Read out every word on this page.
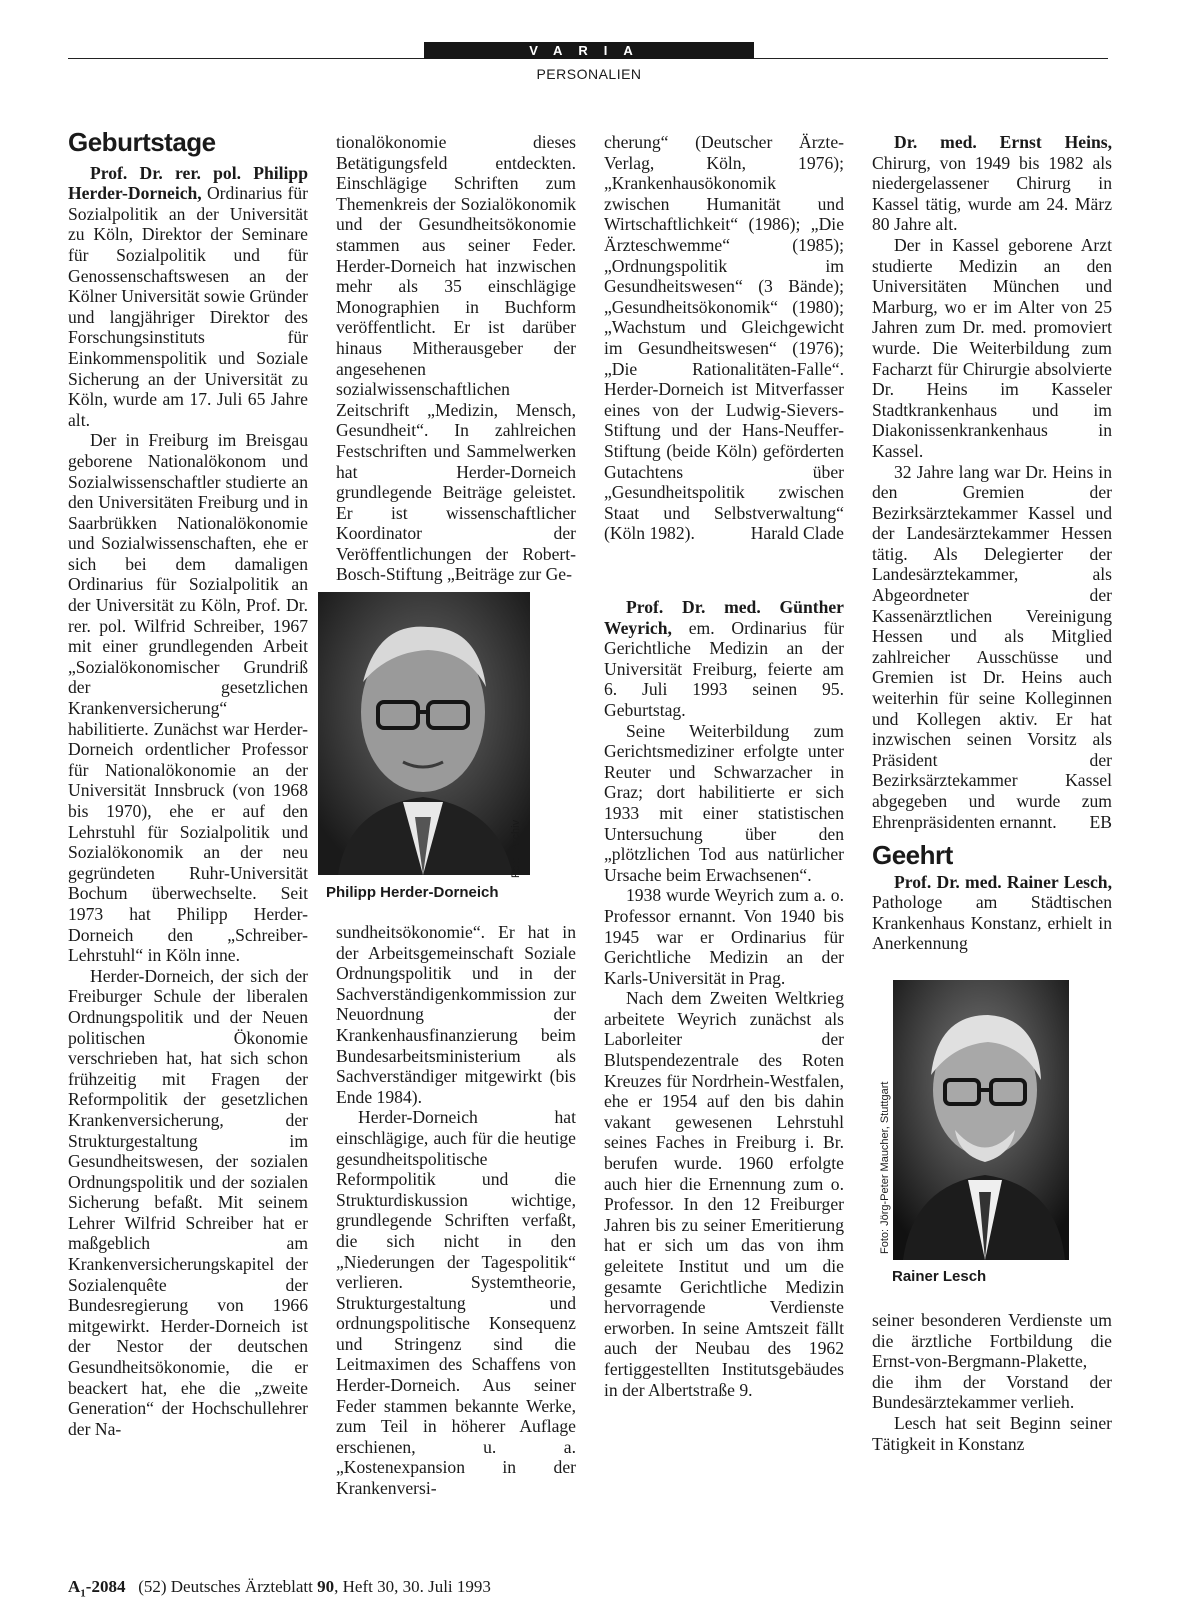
VARIA
PERSONALIEN
Geburtstage

Prof. Dr. rer. pol. Philipp Herder-Dorneich, Ordinarius für Sozialpolitik an der Universität zu Köln, Direktor der Seminare für Sozialpolitik und für Genossenschaftswesen an der Kölner Universität sowie Gründer und langjähriger Direktor des Forschungsinstituts für Einkommenspolitik und Soziale Sicherung an der Universität zu Köln, wurde am 17. Juli 65 Jahre alt.

Der in Freiburg im Breisgau geborene Nationalökonom und Sozialwissenschaftler studierte an den Universitäten Freiburg und in Saarbrükken Nationalökonomie und Sozialwissenschaften, ehe er sich bei dem damaligen Ordinarius für Sozialpolitik an der Universität zu Köln, Prof. Dr. rer. pol. Wilfrid Schreiber, 1967 mit einer grundlegenden Arbeit „Sozialökonomischer Grundriß der gesetzlichen Krankenversicherung“ habilitierte. Zunächst war Herder-Dorneich ordentlicher Professor für Nationalökonomie an der Universität Innsbruck (von 1968 bis 1970), ehe er auf den Lehrstuhl für Sozialpolitik und Sozialökonomik an der neu gegründeten Ruhr-Universität Bochum überwechselte. Seit 1973 hat Philipp Herder-Dorneich den „Schreiber-Lehrstuhl“ in Köln inne.

Herder-Dorneich, der sich der Freiburger Schule der liberalen Ordnungspolitik und der Neuen politischen Ökonomie verschrieben hat, hat sich schon frühzeitig mit Fragen der Reformpolitik der gesetzlichen Krankenversicherung, der Strukturgestaltung im Gesundheitswesen, der sozialen Ordnungspolitik und der sozialen Sicherung befaßt. Mit seinem Lehrer Wilfrid Schreiber hat er maßgeblich am Krankenversicherungskapitel der Sozialenquête der Bundesregierung von 1966 mitgewirkt. Herder-Dorneich ist der Nestor der deutschen Gesundheitsökonomie, die er beackert hat, ehe die „zweite Generation“ der Hochschullehrer der Na-

tionalökonomie dieses Betätigungsfeld entdeckten. Einschlägige Schriften zum Themenkreis der Sozialökonomik und der Gesundheitsökonomie stammen aus seiner Feder. Herder-Dorneich hat inzwischen mehr als 35 einschlägige Monographien in Buchform veröffentlicht. Er ist darüber hinaus Mitherausgeber der angesehenen sozialwissenschaftlichen Zeitschrift „Medizin, Mensch, Gesundheit“. In zahlreichen Festschriften und Sammelwerken hat Herder-Dorneich grundlegende Beiträge geleistet. Er ist wissenschaftlicher Koordinator der Veröffentlichungen der Robert-Bosch-Stiftung „Beiträge zur Ge-

Foto: Archiv
Philipp Herder-Dorneich

sundheitsökonomie“. Er hat in der Arbeitsgemeinschaft Soziale Ordnungspolitik und in der Sachverständigenkommission zur Neuordnung der Krankenhausfinanzierung beim Bundesarbeitsministerium als Sachverständiger mitgewirkt (bis Ende 1984).

Herder-Dorneich hat einschlägige, auch für die heutige gesundheitspolitische Reformpolitik und die Strukturdiskussion wichtige, grundlegende Schriften verfaßt, die sich nicht in den „Niederungen der Tagespolitik“ verlieren. Systemtheorie, Strukturgestaltung und ordnungspolitische Konsequenz und Stringenz sind die Leitmaximen des Schaffens von Herder-Dorneich. Aus seiner Feder stammen bekannte Werke, zum Teil in höherer Auflage erschienen, u. a. „Kostenexpansion in der Krankenversi-

cherung“ (Deutscher Ärzte-Verlag, Köln, 1976); „Krankenhausökonomik zwischen Humanität und Wirtschaftlichkeit“ (1986); „Die Ärzteschwemme“ (1985); „Ordnungspolitik im Gesundheitswesen“ (3 Bände); „Gesundheitsökonomik“ (1980); „Wachstum und Gleichgewicht im Gesundheitswesen“ (1976); „Die Rationalitäten-Falle“. Herder-Dorneich ist Mitverfasser eines von der Ludwig-Sievers-Stiftung und der Hans-Neuffer-Stiftung (beide Köln) geförderten Gutachtens über „Gesundheitspolitik zwischen Staat und Selbstverwaltung“ (Köln 1982).	Harald Clade

Prof. Dr. med. Günther Weyrich, em. Ordinarius für Gerichtliche Medizin an der Universität Freiburg, feierte am 6. Juli 1993 seinen 95. Geburtstag.

Seine Weiterbildung zum Gerichtsmediziner erfolgte unter Reuter und Schwarzacher in Graz; dort habilitierte er sich 1933 mit einer statistischen Untersuchung über den „plötzlichen Tod aus natürlicher Ursache beim Erwachsenen“.

1938 wurde Weyrich zum a. o. Professor ernannt. Von 1940 bis 1945 war er Ordinarius für Gerichtliche Medizin an der Karls-Universität in Prag.

Nach dem Zweiten Weltkrieg arbeitete Weyrich zunächst als Laborleiter der Blutspendezentrale des Roten Kreuzes für Nordrhein-Westfalen, ehe er 1954 auf den bis dahin vakant gewesenen Lehrstuhl seines Faches in Freiburg i. Br. berufen wurde. 1960 erfolgte auch hier die Ernennung zum o. Professor. In den 12 Freiburger Jahren bis zu seiner Emeritierung hat er sich um das von ihm geleitete Institut und um die gesamte Gerichtliche Medizin hervorragende Verdienste erworben. In seine Amtszeit fällt auch der Neubau des 1962 fertiggestellten Institutsgebäudes in der Albertstraße 9.

Dr. med. Ernst Heins, Chirurg, von 1949 bis 1982 als niedergelassener Chirurg in Kassel tätig, wurde am 24. März 80 Jahre alt.

Der in Kassel geborene Arzt studierte Medizin an den Universitäten München und Marburg, wo er im Alter von 25 Jahren zum Dr. med. promoviert wurde. Die Weiterbildung zum Facharzt für Chirurgie absolvierte Dr. Heins im Kasseler Stadtkrankenhaus und im Diakonissenkrankenhaus in Kassel.

32 Jahre lang war Dr. Heins in den Gremien der Bezirksärztekammer Kassel und der Landesärztekammer Hessen tätig. Als Delegierter der Landesärztekammer, als Abgeordneter der Kassenärztlichen Vereinigung Hessen und als Mitglied zahlreicher Ausschüsse und Gremien ist Dr. Heins auch weiterhin für seine Kolleginnen und Kollegen aktiv. Er hat inzwischen seinen Vorsitz als Präsident der Bezirksärztekammer Kassel abgegeben und wurde zum Ehrenpräsidenten ernannt.	EB

Geehrt

Prof. Dr. med. Rainer Lesch, Pathologe am Städtischen Krankenhaus Konstanz, erhielt in Anerkennung

Foto: Jörg-Peter Maucher, Stuttgart
Rainer Lesch

seiner besonderen Verdienste um die ärztliche Fortbildung die Ernst-von-Bergmann-Plakette, die ihm der Vorstand der Bundesärztekammer verlieh.

Lesch hat seit Beginn seiner Tätigkeit in Konstanz

$A_1-2084$ (52) Deutsches Ärzteblatt 90, Heft 30, 30. Juli 1993
